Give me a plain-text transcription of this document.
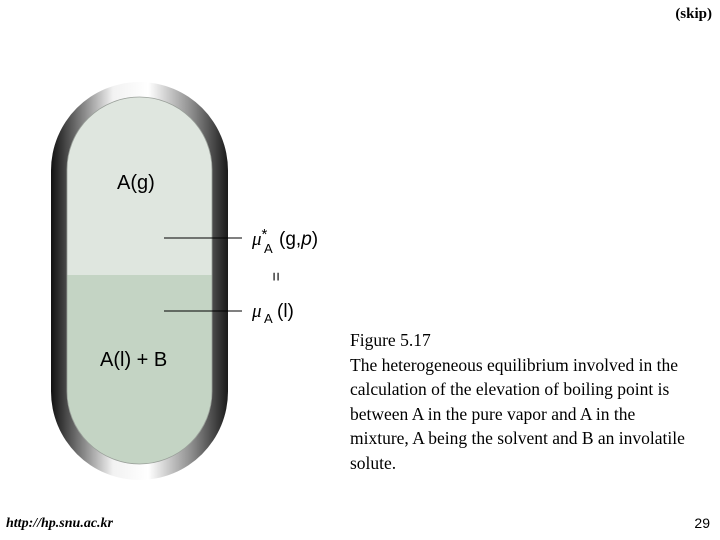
(skip)
A(g)
A(l) + B
μ* A (g,p)
=
μ A (l)
Figure 5.17
The heterogeneous equilibrium involved in the calculation of the elevation of boiling point is between A in the pure vapor and A in the mixture, A being the solvent and B an involatile solute.
http://hp.snu.ac.kr	29
